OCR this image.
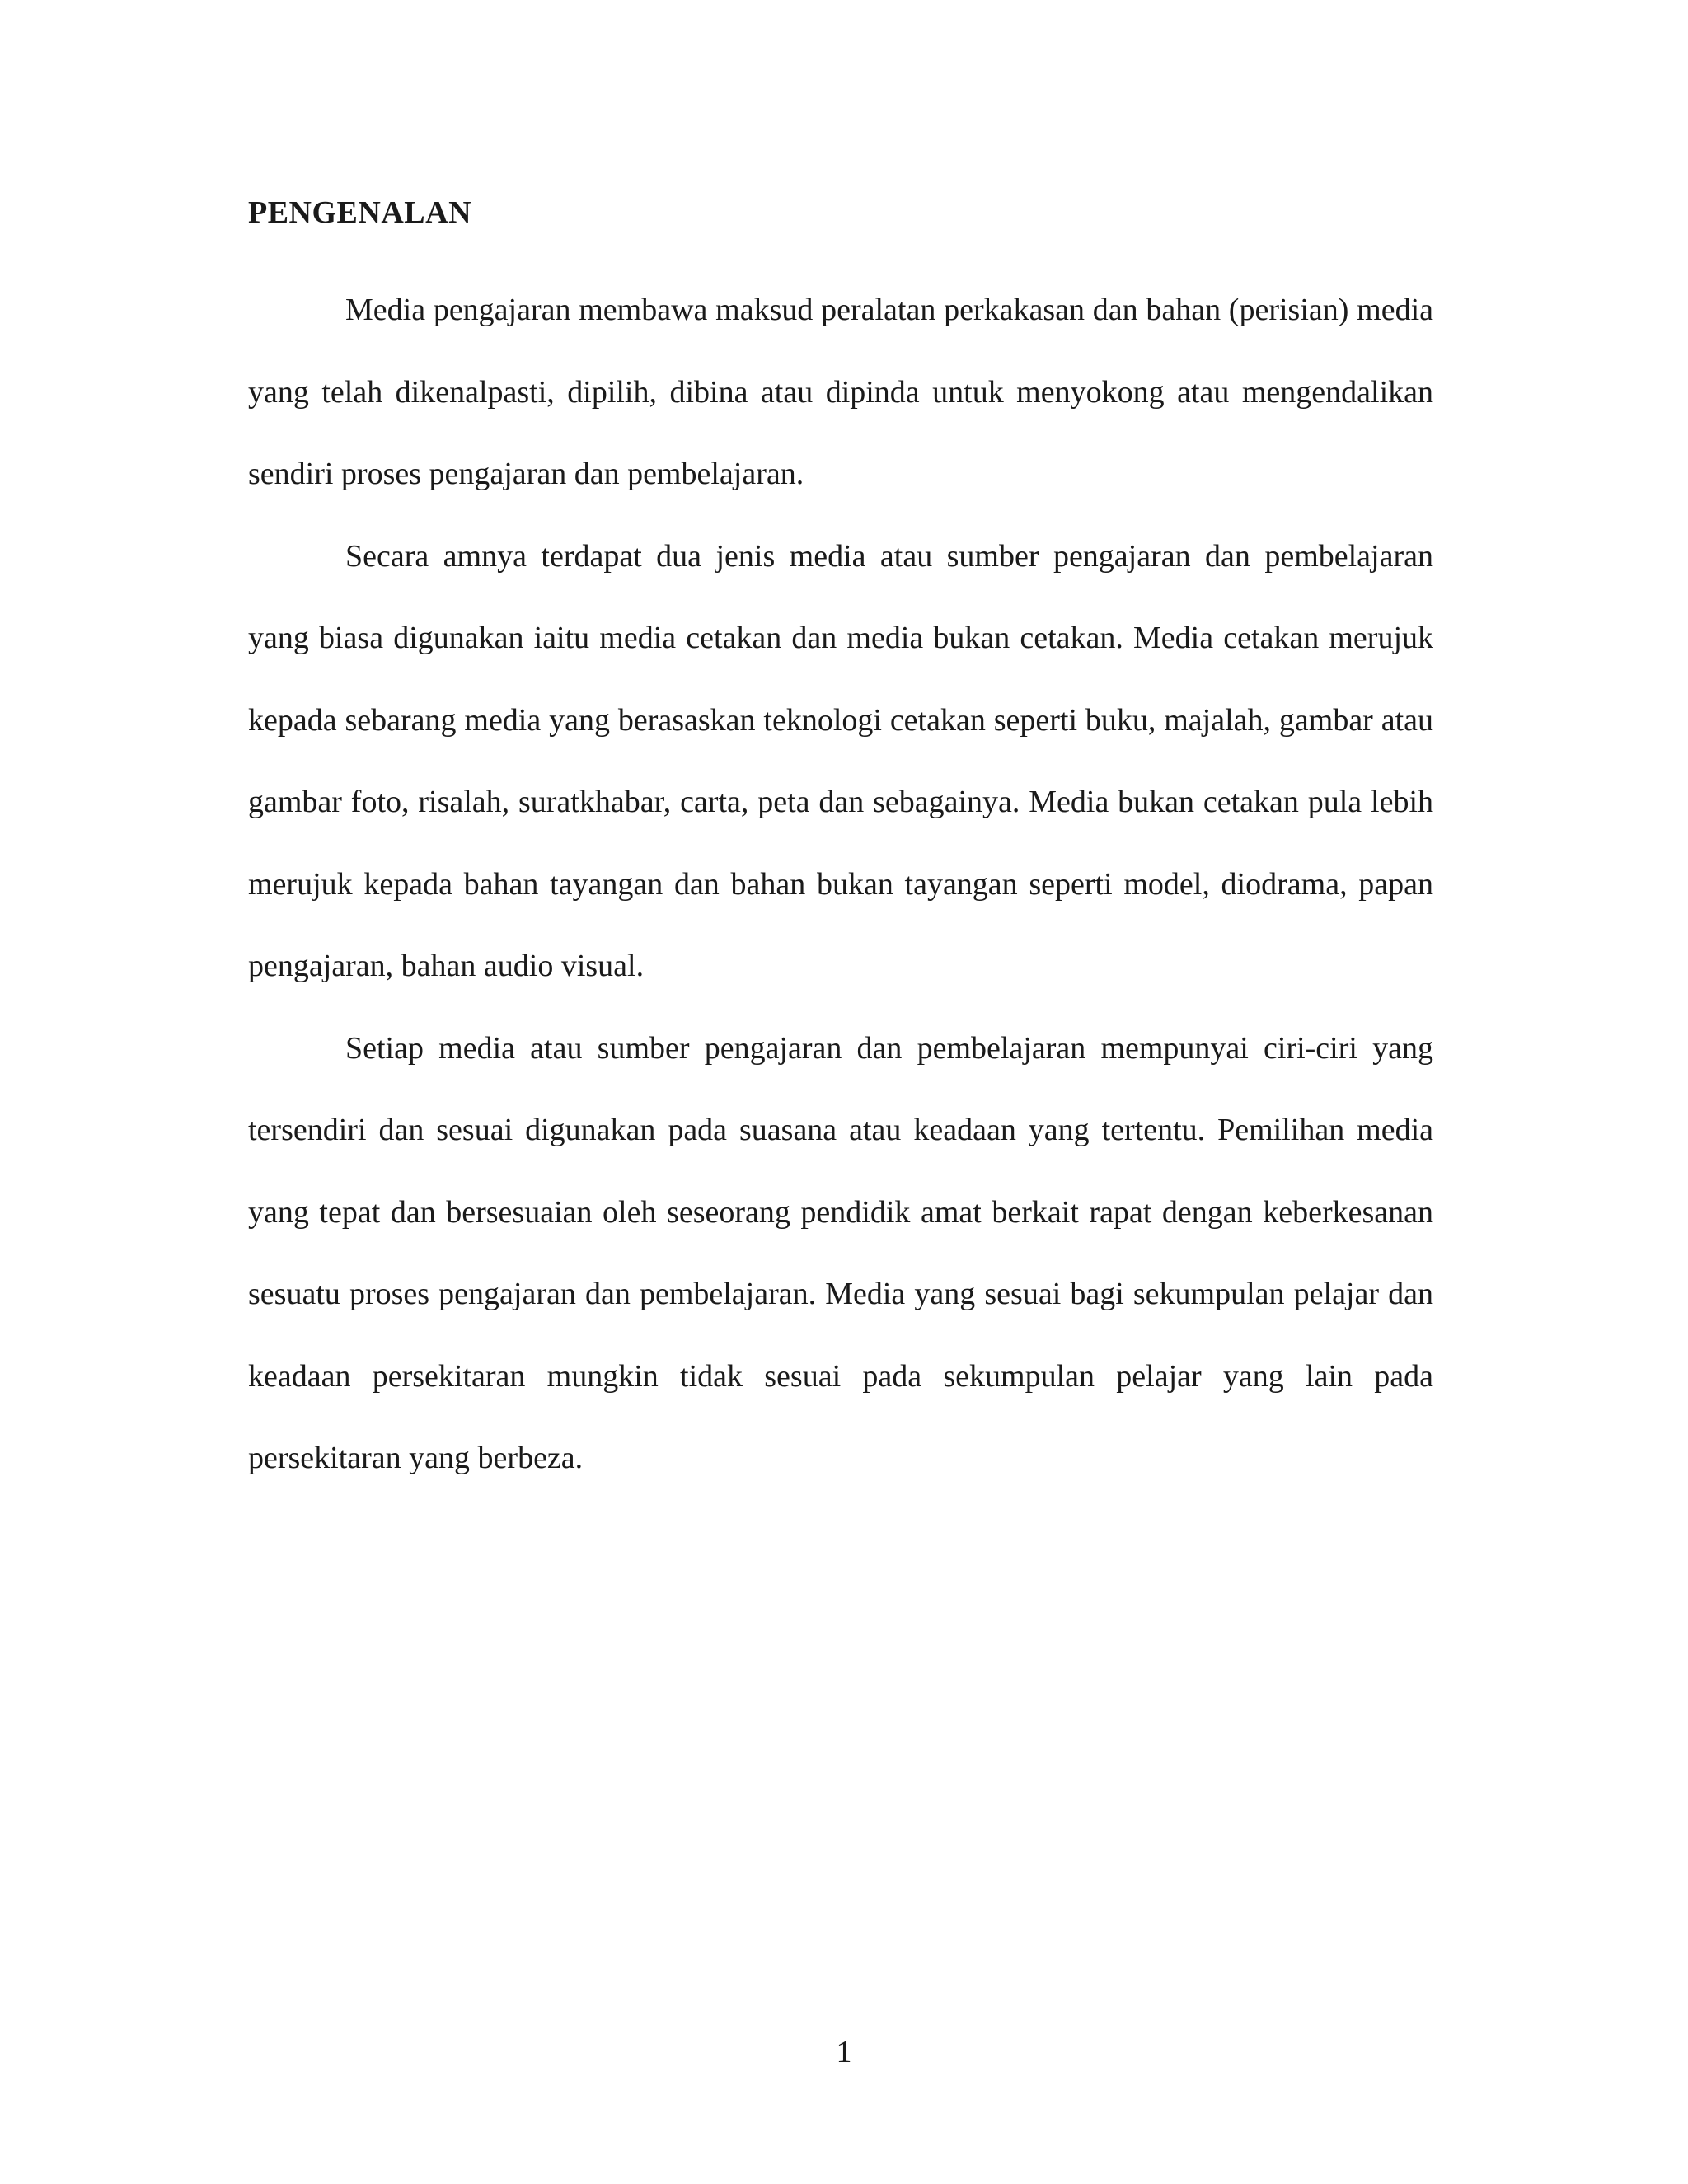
PENGENALAN

Media pengajaran membawa maksud peralatan perkakasan dan bahan (perisian) media yang telah dikenalpasti, dipilih, dibina atau dipinda untuk menyokong atau mengendalikan sendiri proses pengajaran dan pembelajaran.

Secara amnya terdapat dua jenis media atau sumber pengajaran dan pembelajaran yang biasa digunakan iaitu media cetakan dan media bukan cetakan. Media cetakan merujuk kepada sebarang media yang berasaskan teknologi cetakan seperti buku, majalah, gambar atau gambar foto, risalah, suratkhabar, carta, peta dan sebagainya. Media bukan cetakan pula lebih merujuk kepada bahan tayangan dan bahan bukan tayangan seperti model, diodrama, papan pengajaran, bahan audio visual.

Setiap media atau sumber pengajaran dan pembelajaran mempunyai ciri-ciri yang tersendiri dan sesuai digunakan pada suasana atau keadaan yang tertentu. Pemilihan media yang tepat dan bersesuaian oleh seseorang pendidik amat berkait rapat dengan keberkesanan sesuatu proses pengajaran dan pembelajaran. Media yang sesuai bagi sekumpulan pelajar dan keadaan persekitaran mungkin tidak sesuai pada sekumpulan pelajar yang lain pada persekitaran yang berbeza.

1
